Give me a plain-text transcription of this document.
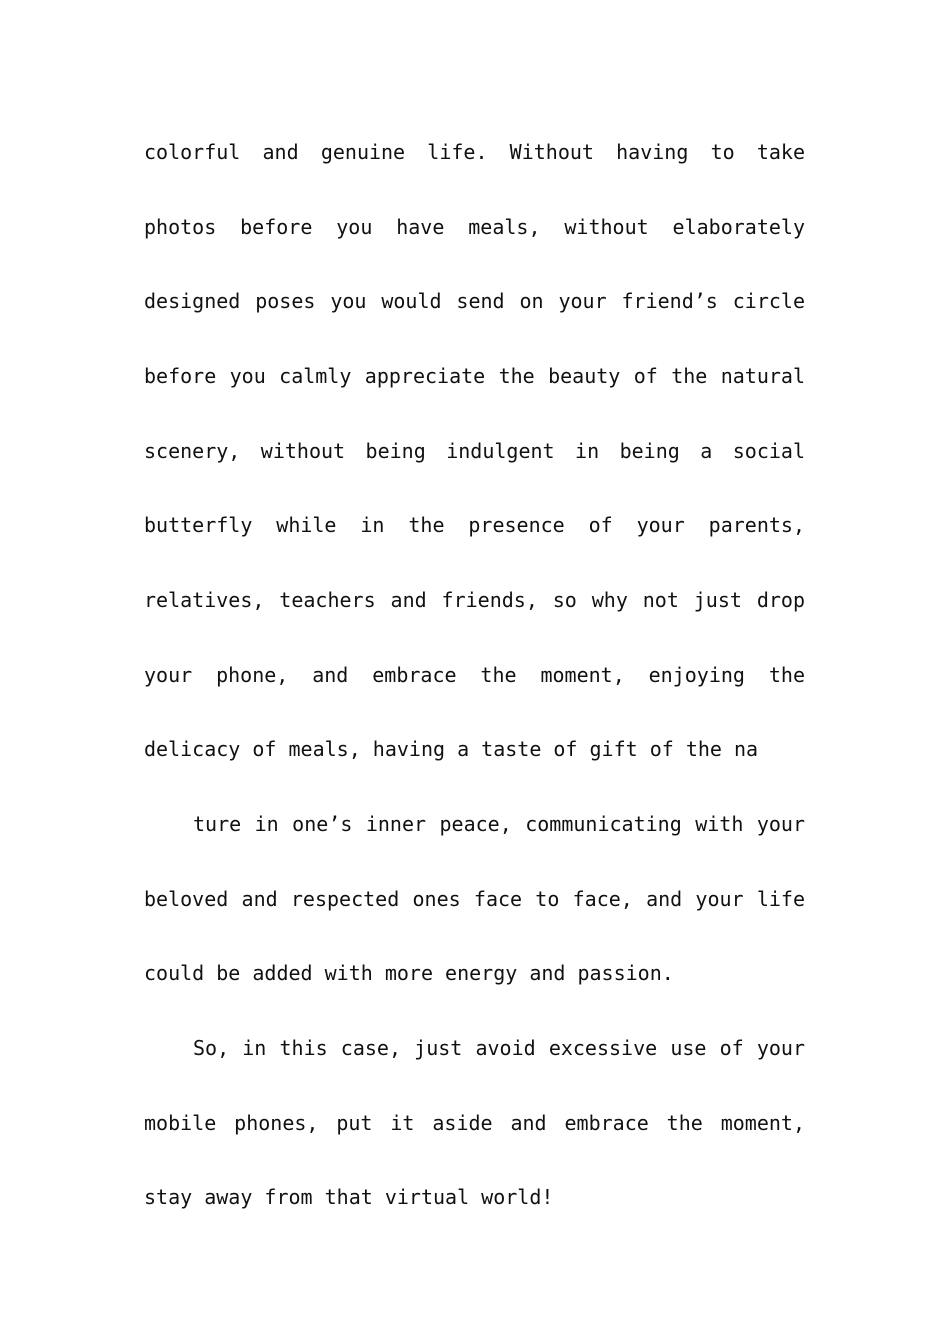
colorful and genuine life. Without having to take
photos before you have meals, without elaborately
designed poses you would send on your friend’s circle
before you calmly appreciate the beauty of the natural
scenery, without being indulgent in being a social
butterfly while in the presence of your parents,
relatives, teachers and friends, so why not just drop
your phone, and embrace the moment, enjoying the
delicacy of meals, having a taste of gift of the na
ture in one’s inner peace, communicating with your
beloved and respected ones face to face, and your life
could be added with more energy and passion.
So, in this case, just avoid excessive use of your
mobile phones, put it aside and embrace the moment,
stay away from that virtual world!
